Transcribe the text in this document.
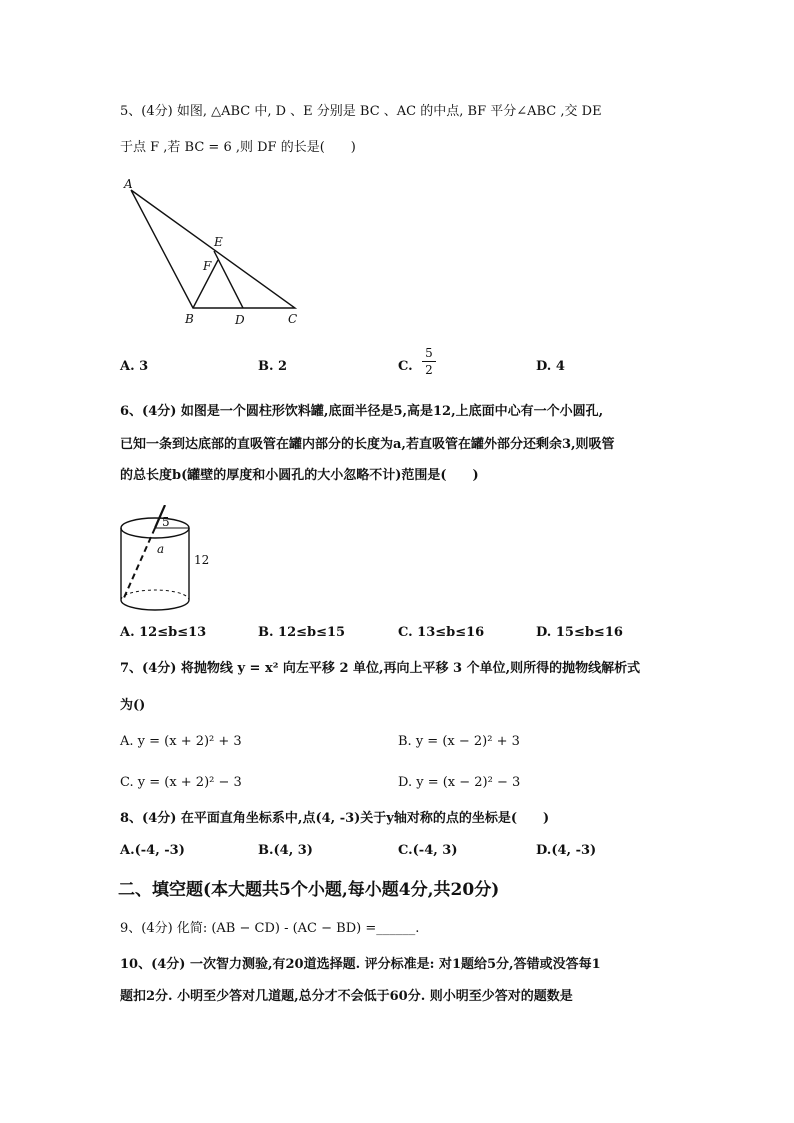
5、(4分) 如图, △ABC 中, D 、E 分别是 BC 、AC 的中点, BF 平分∠ABC ,交 DE
于点 F ,若 BC = 6 ,则 DF 的长是(　　)
A
E
F
B	D	C
A. 3	B. 2	C.
5
2	D. 4
6、(4分) 如图是一个圆柱形饮料罐,底面半径是5,高是12,上底面中心有一个小圆孔,
已知一条到达底部的直吸管在罐内部分的长度为a,若直吸管在罐外部分还剩余3,则吸管
的总长度b(罐壁的厚度和小圆孔的大小忽略不计)范围是(　　)
5
a
12
A. 12≤b≤13	B. 12≤b≤15	C. 13≤b≤16	D. 15≤b≤16
7、(4分) 将抛物线 y = x² 向左平移 2 单位,再向上平移 3 个单位,则所得的抛物线解析式
为()
A. y = (x + 2)² + 3	B. y = (x − 2)² + 3
C. y = (x + 2)² − 3	D. y = (x − 2)² − 3
8、(4分) 在平面直角坐标系中,点(4, -3)关于y轴对称的点的坐标是(　　)
A.(-4, -3)	B.(4, 3)	C.(-4, 3)	D.(4, -3)
二、填空题(本大题共5个小题,每小题4分,共20分)
9、(4分) 化简: (AB − CD) - (AC − BD) =______.
10、(4分) 一次智力测验,有20道选择题. 评分标准是: 对1题给5分,答错或没答每1
题扣2分. 小明至少答对几道题,总分才不会低于60分. 则小明至少答对的题数是
